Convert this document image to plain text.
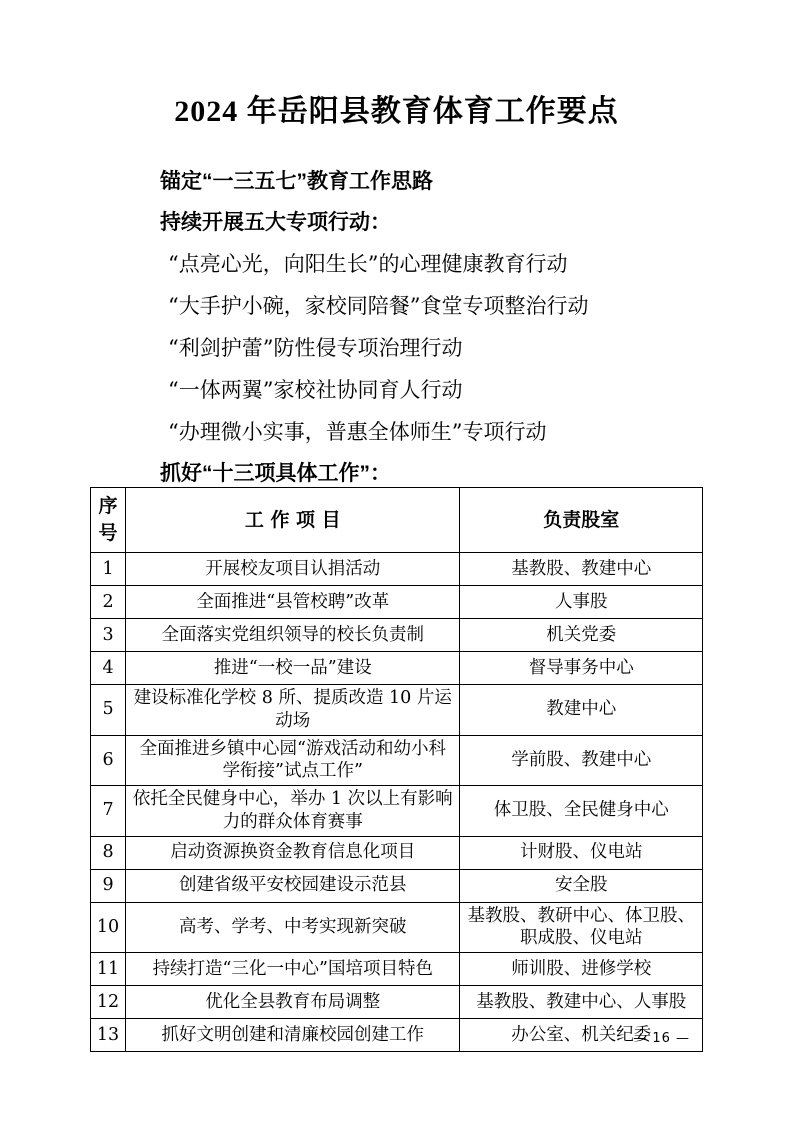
2024 年岳阳县教育体育工作要点

锚定“一三五七”教育工作思路

持续开展五大专项行动：

“点亮心光，向阳生长”的心理健康教育行动

“大手护小碗，家校同陪餐”食堂专项整治行动

“利剑护蕾”防性侵专项治理行动

“一体两翼”家校社协同育人行动

“办理微小实事，普惠全体师生”专项行动

抓好“十三项具体工作”：

序号	工 作 项 目	负责股室
1	开展校友项目认捐活动	基教股、教建中心
2	全面推进“县管校聘”改革	人事股
3	全面落实党组织领导的校长负责制	机关党委
4	推进“一校一品”建设	督导事务中心
5	建设标准化学校 8 所、提质改造 10 片运动场	教建中心
6	全面推进乡镇中心园“游戏活动和幼小科学衔接”试点工作”	学前股、教建中心
7	依托全民健身中心，举办 1 次以上有影响力的群众体育赛事	体卫股、全民健身中心
8	启动资源换资金教育信息化项目	计财股、仪电站
9	创建省级平安校园建设示范县	安全股
10	高考、学考、中考实现新突破	基教股、教研中心、体卫股、职成股、仪电站
11	持续打造“三化一中心”国培项目特色	师训股、进修学校
12	优化全县教育布局调整	基教股、教建中心、人事股
13	抓好文明创建和清廉校园创建工作	办公室、机关纪委
— 16 —
